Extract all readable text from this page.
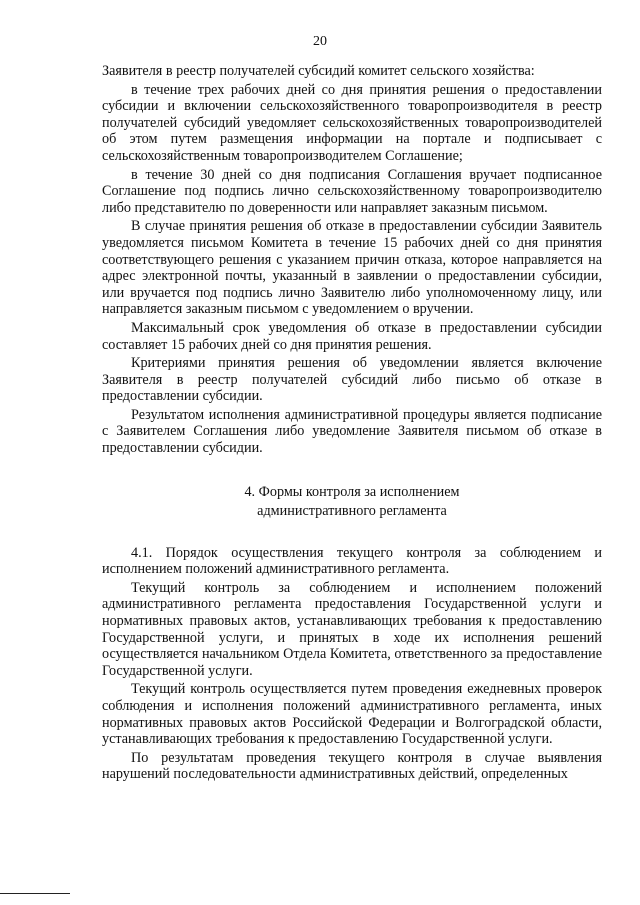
20

Заявителя в реестр получателей субсидий комитет сельского хозяйства:

в течение трех рабочих дней со дня принятия решения о предоставлении субсидии и включении сельскохозяйственного товаропроизводителя в реестр получателей субсидий уведомляет сельскохозяйственных товаропроизводителей об этом путем размещения информации на портале и подписывает с сельскохозяйственным товаропроизводителем Соглашение;

в течение 30 дней со дня подписания Соглашения вручает подписанное Соглашение под подпись лично сельскохозяйственному товаропроизводителю либо представителю по доверенности или направляет заказным письмом.

В случае принятия решения об отказе в предоставлении субсидии Заявитель уведомляется письмом Комитета в течение 15 рабочих дней со дня принятия соответствующего решения с указанием причин отказа, которое направляется на адрес электронной почты, указанный в заявлении о предоставлении субсидии, или вручается под подпись лично Заявителю либо уполномоченному лицу, или направляется заказным письмом с уведомлением о вручении.

Максимальный срок уведомления об отказе в предоставлении субсидии составляет 15 рабочих дней со дня принятия решения.

Критериями принятия решения об уведомлении является включение Заявителя в реестр получателей субсидий либо письмо об отказе в предоставлении субсидии.

Результатом исполнения административной процедуры является подписание с Заявителем Соглашения либо уведомление Заявителя письмом об отказе в предоставлении субсидии.

4. Формы контроля за исполнением
административного регламента

4.1. Порядок осуществления текущего контроля за соблюдением и исполнением положений административного регламента.

Текущий контроль за соблюдением и исполнением положений административного регламента предоставления Государственной услуги и нормативных правовых актов, устанавливающих требования к предоставлению Государственной услуги, и принятых в ходе их исполнения решений осуществляется начальником Отдела Комитета, ответственного за предоставление Государственной услуги.

Текущий контроль осуществляется путем проведения ежедневных проверок соблюдения и исполнения положений административного регламента, иных нормативных правовых актов Российской Федерации и Волгоградской области, устанавливающих требования к предоставлению Государственной услуги.

По результатам проведения текущего контроля в случае выявления нарушений последовательности административных действий, определенных
